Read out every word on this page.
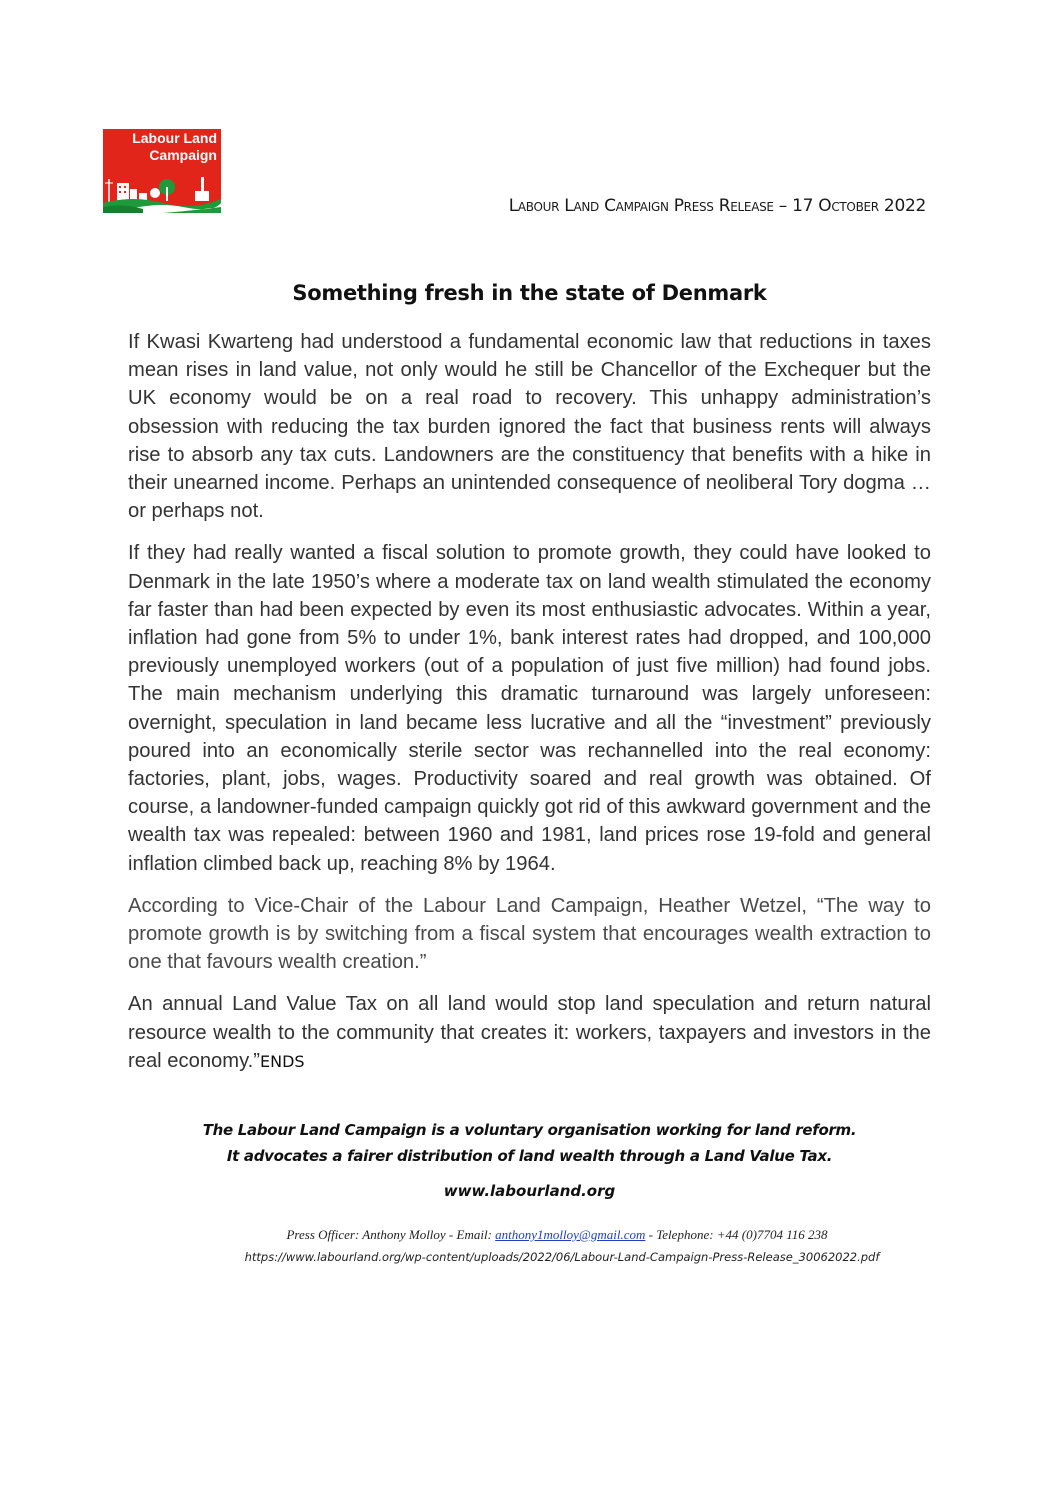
Labour Land
Campaign
Labour Land Campaign Press Release – 17 October 2022
Something fresh in the state of Denmark

If Kwasi Kwarteng had understood a fundamental economic law that reductions in taxes mean rises in land value, not only would he still be Chancellor of the Exchequer but the UK economy would be on a real road to recovery. This unhappy administration’s obsession with reducing the tax burden ignored the fact that business rents will always rise to absorb any tax cuts. Landowners are the constituency that benefits with a hike in their unearned income. Perhaps an unintended consequence of neoliberal Tory dogma … or perhaps not.

If they had really wanted a fiscal solution to promote growth, they could have looked to Denmark in the late 1950’s where a moderate tax on land wealth stimulated the economy far faster than had been expected by even its most enthusiastic advocates. Within a year, inflation had gone from 5% to under 1%, bank interest rates had dropped, and 100,000 previously unemployed workers (out of a population of just five million) had found jobs. The main mechanism underlying this dramatic turnaround was largely unforeseen: overnight, speculation in land became less lucrative and all the “investment” previously poured into an economically sterile sector was rechannelled into the real economy: factories, plant, jobs, wages. Productivity soared and real growth was obtained. Of course, a landowner-funded campaign quickly got rid of this awkward government and the wealth tax was repealed: between 1960 and 1981, land prices rose 19-fold and general inflation climbed back up, reaching 8% by 1964.

According to Vice-Chair of the Labour Land Campaign, Heather Wetzel, “The way to promote growth is by switching from a fiscal system that encourages wealth extraction to one that favours wealth creation.”

An annual Land Value Tax on all land would stop land speculation and return natural resource wealth to the community that creates it: workers, taxpayers and investors in the real economy.”ENDS

The Labour Land Campaign is a voluntary organisation working for land reform.
It advocates a fairer distribution of land wealth through a Land Value Tax.
www.labourland.org
Press Officer: Anthony Molloy - Email: anthony1molloy@gmail.com - Telephone: +44 (0)7704 116 238
https://www.labourland.org/wp-content/uploads/2022/06/Labour-Land-Campaign-Press-Release_30062022.pdf
